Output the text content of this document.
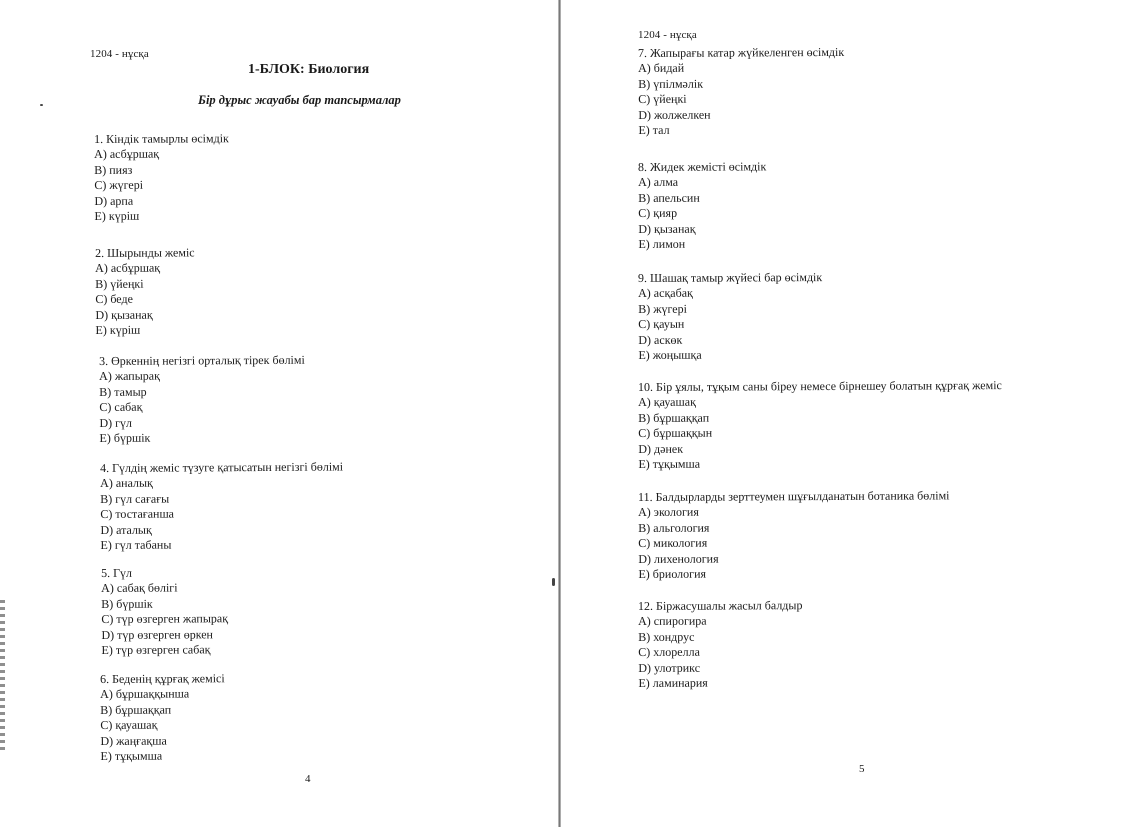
1204 - нұсқа
1-БЛОК: Биология
Бір дұрыс жауабы бар тапсырмалар
1. Кіндік тамырлы өсімдік
A) асбұршақ
B) пияз
C) жүгері
D) арпа
E) күріш
2. Шырынды жеміс
A) асбұршақ
B) үйеңкі
C) беде
D) қызанақ
E) күріш
3. Өркеннің негізгі орталық тірек бөлімі
A) жапырақ
B) тамыр
C) сабақ
D) гүл
E) бүршік
4. Гүлдің жеміс түзуге қатысатын негізгі бөлімі
A) аналық
B) гүл сағағы
C) тостағанша
D) аталық
E) гүл табаны
5. Гүл
A) сабақ бөлігі
B) бүршік
C) түр өзгерген жапырақ
D) түр өзгерген өркен
E) түр өзгерген сабақ
6. Беденің құрғақ жемісі
A) бұршаққынша
B) бұршаққап
C) қауашақ
D) жаңғақша
E) тұқымша
4
1204 - нұсқа
7. Жапырағы катар жүйкеленген өсімдік
A) бидай
B) үпілмәлік
C) үйеңкі
D) жолжелкен
E) тал
8. Жидек жемісті өсімдік
A) алма
B) апельсин
C) қияр
D) қызанақ
E) лимон
9. Шашақ тамыр жүйесі бар өсімдік
A) асқабақ
B) жүгері
C) қауын
D) аскөк
E) жоңышқа
10. Бір ұялы, тұқым саны біреу немесе бірнешеу болатын құрғақ жеміс
A) қауашақ
B) бұршаққап
C) бұршаққын
D) дәнек
E) тұқымша
11. Балдырларды зерттеумен шұғылданатын ботаника бөлімі
A) экология
B) альгология
C) микология
D) лихенология
E) бриология
12. Біржасушалы жасыл балдыр
A) спирогира
B) хондрус
C) хлорелла
D) улотрикс
E) ламинария
5
